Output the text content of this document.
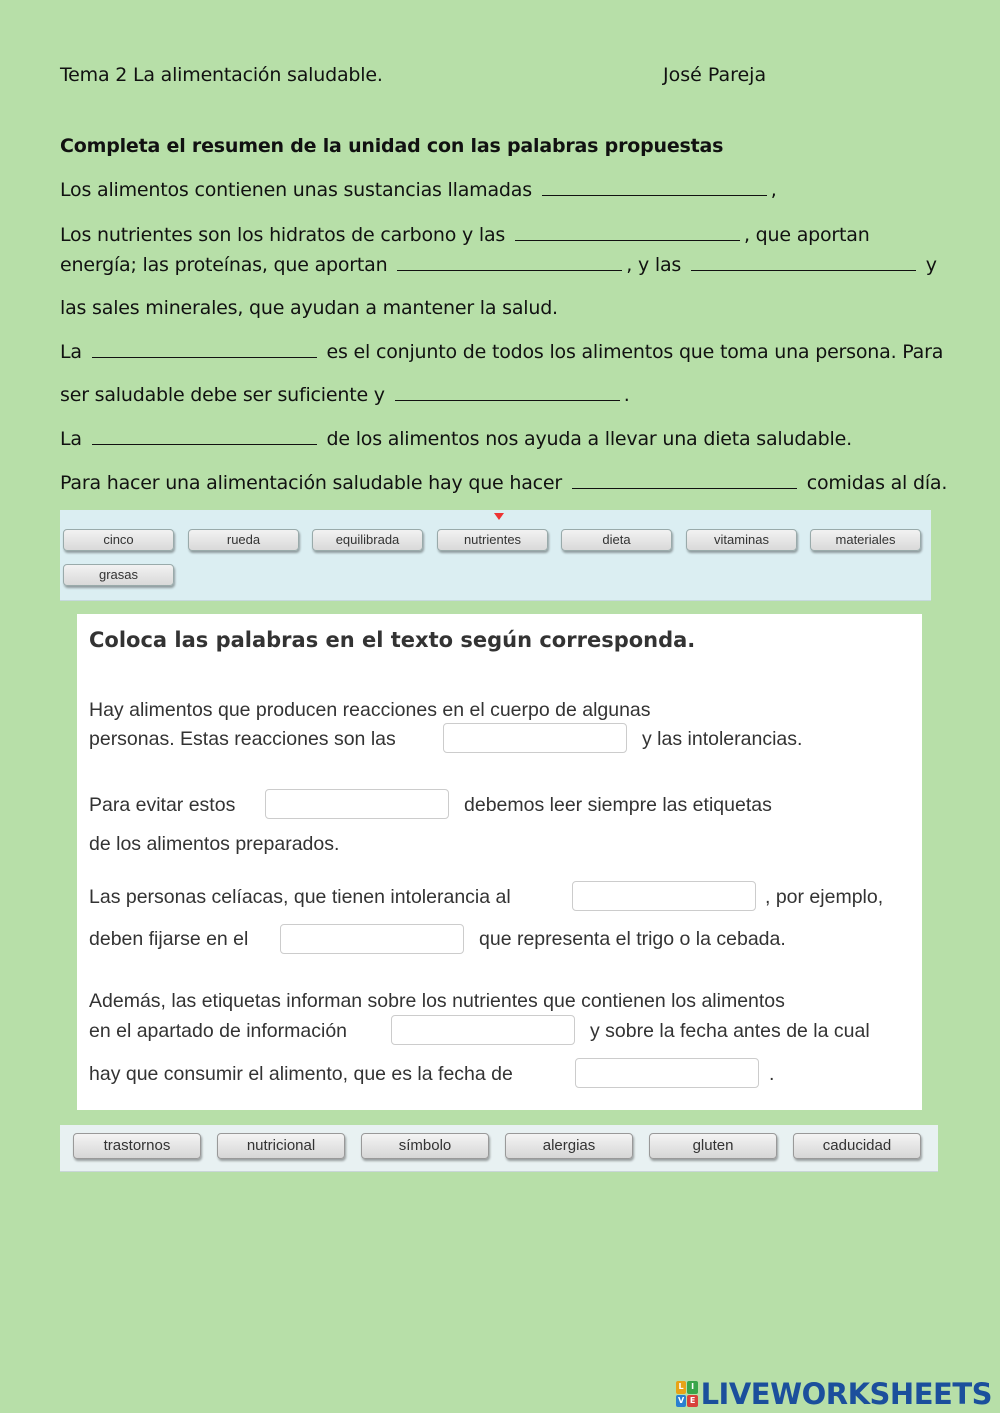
Tema 2 La alimentación saludable.	José Pareja
Completa el resumen de la unidad con las palabras propuestas
Los alimentos contienen unas sustancias llamadas	,
Los nutrientes son los hidratos de carbono y las	, que aportan
energía; las proteínas, que aportan	, y las	y
las sales minerales, que ayudan a mantener la salud.
La	es el conjunto de todos los alimentos que toma una persona. Para
ser saludable debe ser suficiente y	.
La	de los alimentos nos ayuda a llevar una dieta saludable.
Para hacer una alimentación saludable hay que hacer	comidas al día.
cinco	rueda	equilibrada	nutrientes	dieta	vitaminas	materiales
grasas
Coloca las palabras en el texto según corresponda.
Hay alimentos que producen reacciones en el cuerpo de algunas
personas. Estas reacciones son las	y las intolerancias.
Para evitar estos	debemos leer siempre las etiquetas
de los alimentos preparados.
Las personas celíacas, que tienen intolerancia al	, por ejemplo,
deben fijarse en el	que representa el trigo o la cebada.
Además, las etiquetas informan sobre los nutrientes que contienen los alimentos
en el apartado de información	y sobre la fecha antes de la cual
hay que consumir el alimento, que es la fecha de	.
trastornos	nutricional	símbolo	alergias	gluten	caducidad
L I
V E LIVEWORKSHEETS
